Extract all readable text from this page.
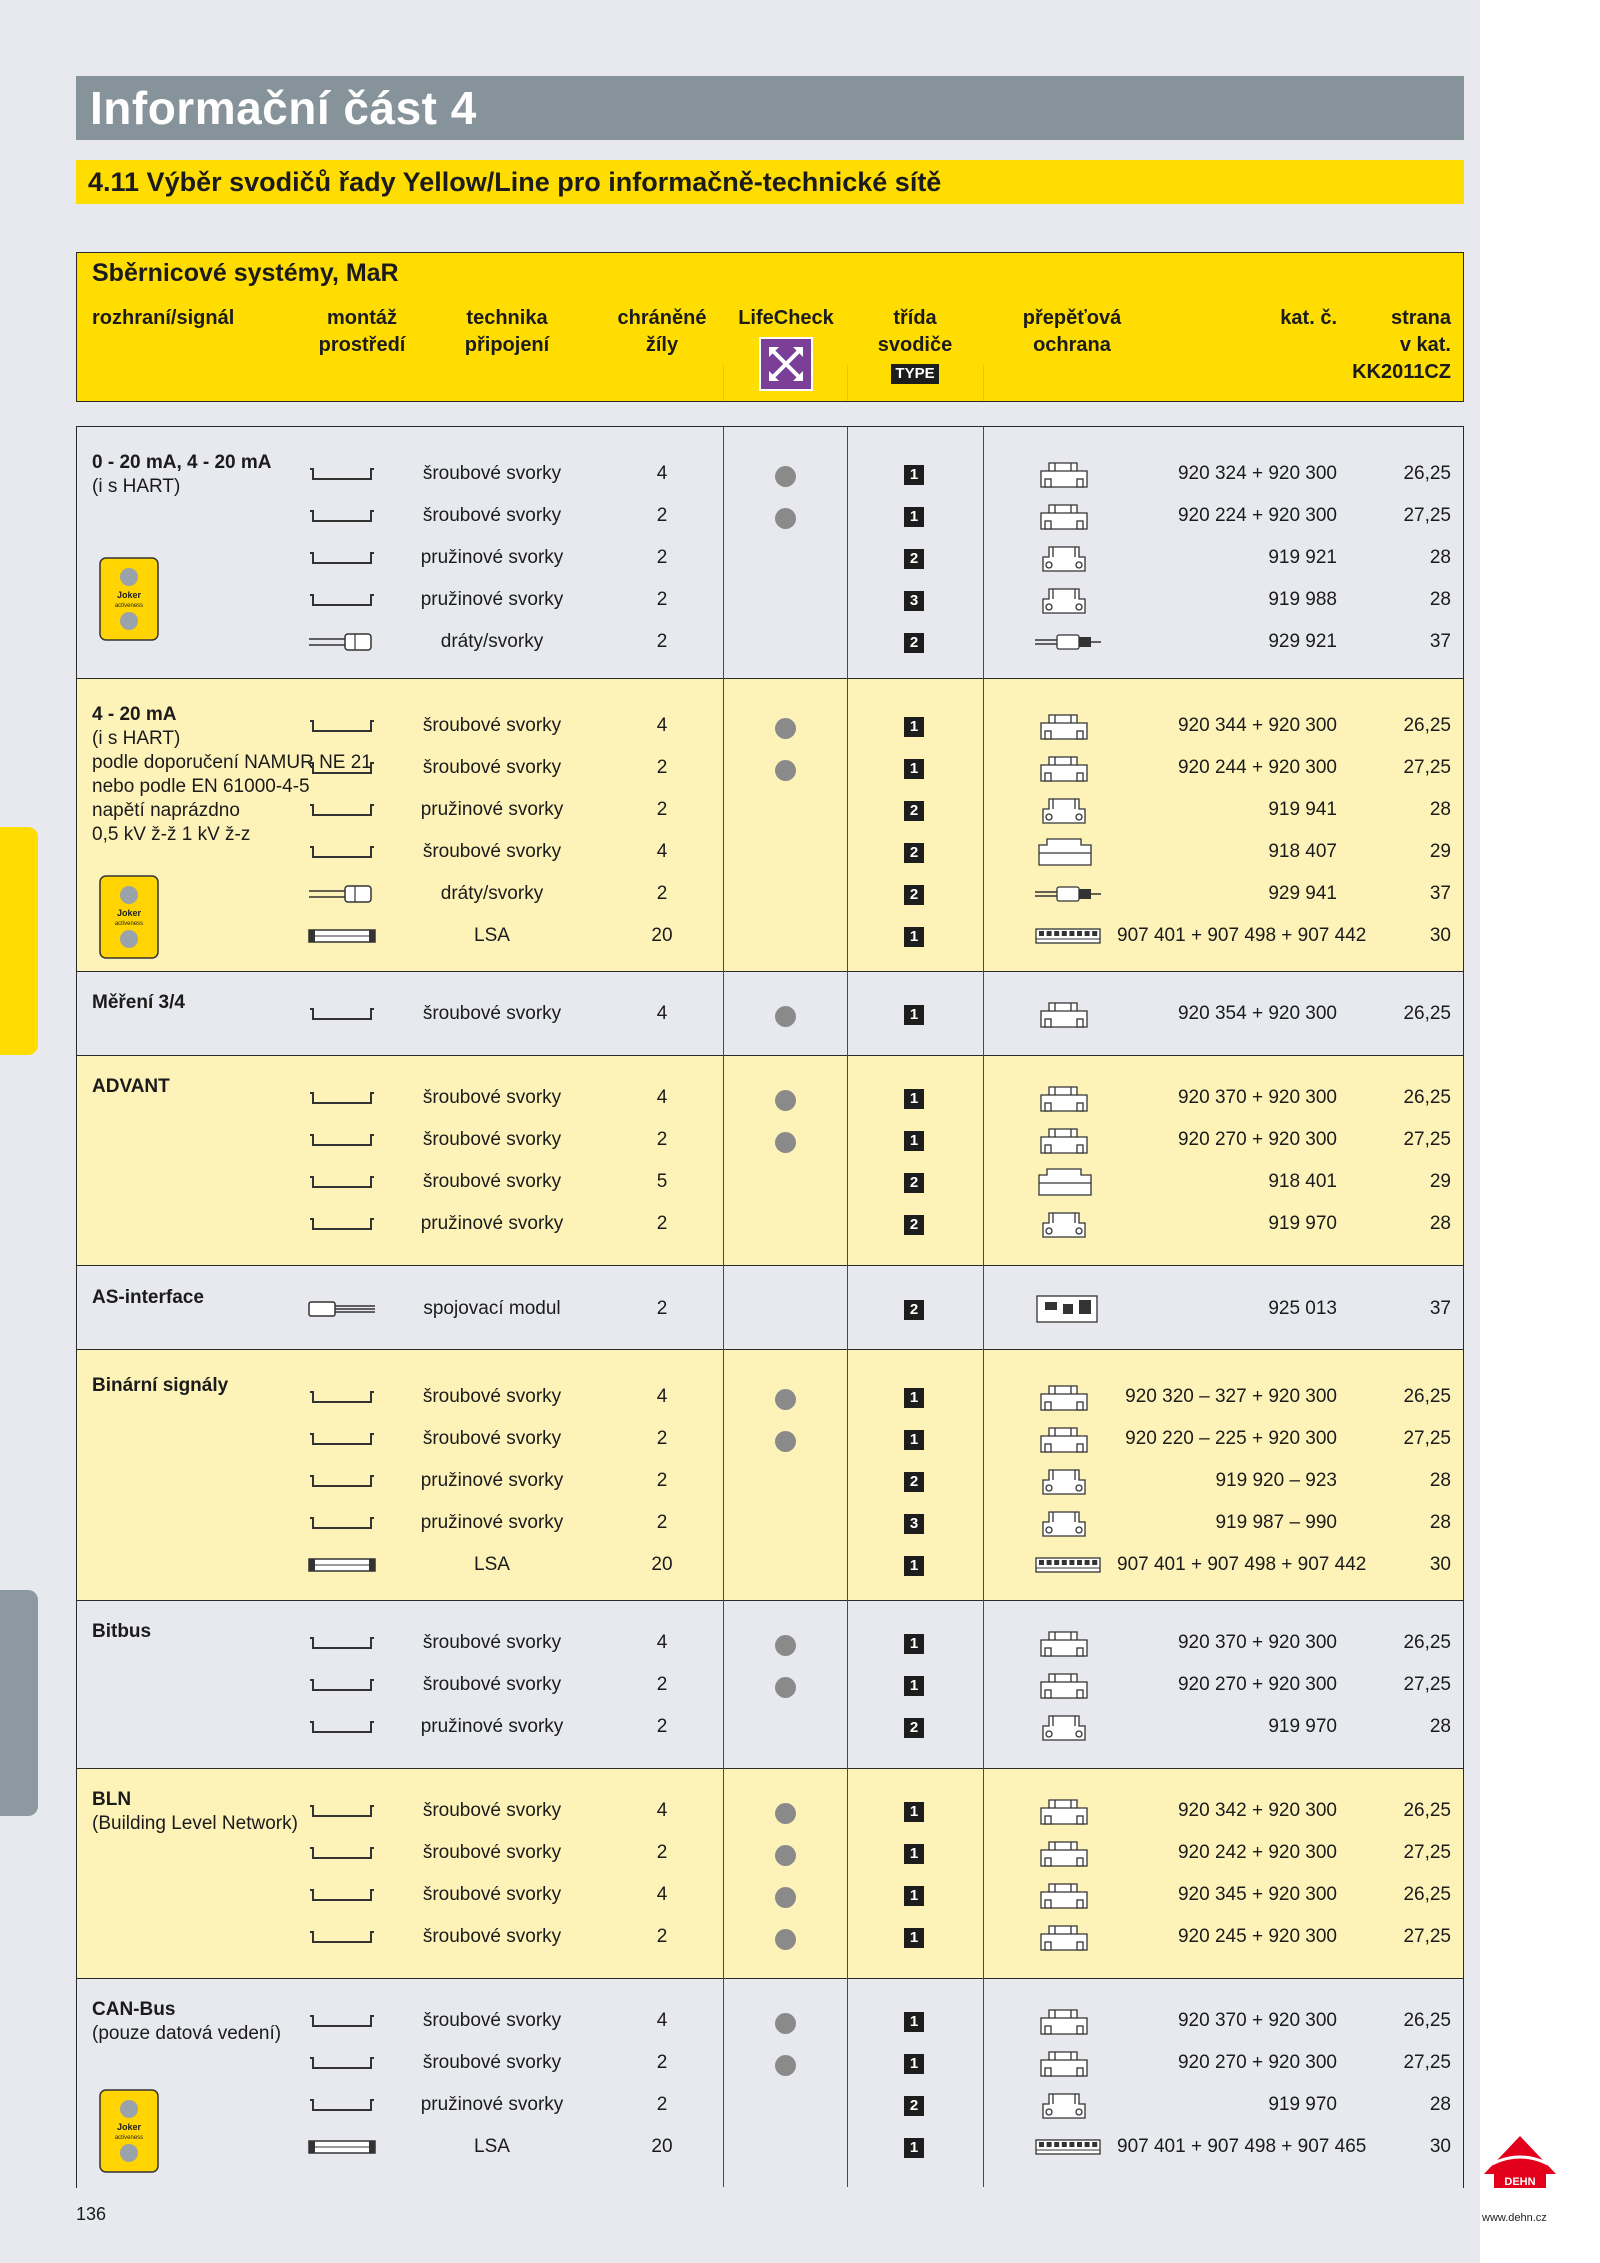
Informační část 4
4.11 Výběr svodičů řady Yellow/Line pro informačně-technické sítě
Sběrnicové systémy, MaR
rozhraní/signál	montáž
prostředí
technika
připojení
chráněné
žíly
LifeCheck	třída svodiče
TYPE
přepěťová
ochrana
kat. č.	strana
v kat.
KK2011CZ
CAN-Bus
(pouze datová vedení)
Joker
activeness
šroubové svorky	4	1	920 370 + 920 300	26,25
šroubové svorky	2	1	920 270 + 920 300	27,25
pružinové svorky	2	2	919 970	28
LSA	20	1	907 401 + 907 498 + 907 465	30
BLN
(Building Level Network)
šroubové svorky	4	1	920 342 + 920 300	26,25
šroubové svorky	2	1	920 242 + 920 300	27,25
šroubové svorky	4	1	920 345 + 920 300	26,25
šroubové svorky	2	1	920 245 + 920 300	27,25
Bitbus
šroubové svorky	4	1	920 370 + 920 300	26,25
šroubové svorky	2	1	920 270 + 920 300	27,25
pružinové svorky	2	2	919 970	28
Binární signály
šroubové svorky	4	1	920 320 – 327 + 920 300	26,25
šroubové svorky	2	1	920 220 – 225 + 920 300	27,25
pružinové svorky	2	2	919 920 – 923	28
pružinové svorky	2	3	919 987 – 990	28
LSA	20	1	907 401 + 907 498 + 907 442	30
AS-interface
spojovací modul	2	2	925 013	37
ADVANT
šroubové svorky	4	1	920 370 + 920 300	26,25
šroubové svorky	2	1	920 270 + 920 300	27,25
šroubové svorky	5	2	918 401	29
pružinové svorky	2	2	919 970	28
Měření 3/4
šroubové svorky	4	1	920 354 + 920 300	26,25
4 - 20 mA
(i s HART)
podle doporučení NAMUR NE 21
nebo podle EN 61000-4-5
napětí naprázdno
0,5 kV ž-ž 1 kV ž-z
Joker
activeness
šroubové svorky	4	1	920 344 + 920 300	26,25
šroubové svorky	2	1	920 244 + 920 300	27,25
pružinové svorky	2	2	919 941	28
šroubové svorky	4	2	918 407	29
dráty/svorky	2	2	929 941	37
LSA	20	1	907 401 + 907 498 + 907 442	30
0 - 20 mA, 4 - 20 mA
(i s HART)
Joker
activeness
šroubové svorky	4	1	920 324 + 920 300	26,25
šroubové svorky	2	1	920 224 + 920 300	27,25
pružinové svorky	2	2	919 921	28
pružinové svorky	2	3	919 988	28
dráty/svorky	2	2	929 921	37
136
DEHN
www.dehn.cz
